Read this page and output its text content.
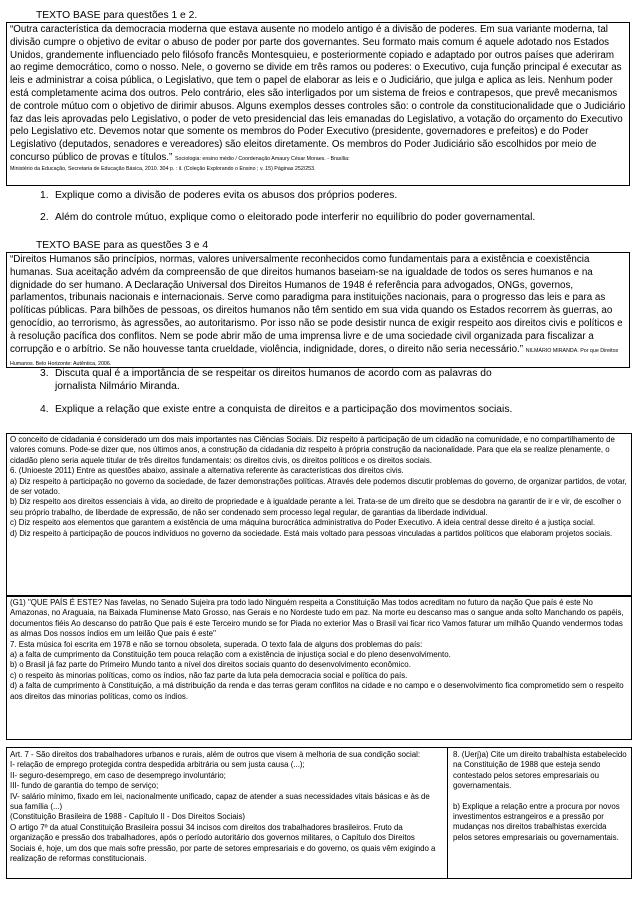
TEXTO BASE para questões 1 e 2.

“Outra característica da democracia moderna que estava ausente no modelo antigo é a divisão de poderes. Em sua variante moderna, tal divisão cumpre o objetivo de evitar o abuso de poder por parte dos governantes. Seu formato mais comum é aquele adotado nos Estados Unidos, grandemente influenciado pelo filósofo francês Montesquieu, e posteriormente copiado e adaptado por outros países que aderiram ao regime democrático, como o nosso. Nele, o governo se divide em três ramos ou poderes: o Executivo, cuja função principal é executar as leis e administrar a coisa pública, o Legislativo, que tem o papel de elaborar as leis e o Judiciário, que julga e aplica as leis. Nenhum poder está completamente acima dos outros. Pelo contrário, eles são interligados por um sistema de freios e contrapesos, que prevê mecanismos de controle mútuo com o objetivo de dirimir abusos. Alguns exemplos desses controles são: o controle da constitucionalidade que o Judiciário faz das leis aprovadas pelo Legislativo, o poder de veto presidencial das leis emanadas do Legislativo, a votação do orçamento do Executivo pelo Legislativo etc. Devemos notar que somente os membros do Poder Executivo (presidente, governadores e prefeitos) e do Poder Legislativo (deputados, senadores e vereadores) são eleitos diretamente. Os membros do Poder Judiciário são escolhidos por meio de concurso público de provas e títulos.” Sociologia: ensino médio / Coordenação Amaury César Moraes. - Brasília:

Ministério da Educação, Secretaria de Educação Básica, 2010. 304 p. : il. (Coleção Explorando o Ensino ; v. 15) Páginas 252/253.
1. Explique como a divisão de poderes evita os abusos dos próprios poderes.
2. Além do controle mútuo, explique como o eleitorado pode interferir no equilíbrio do poder governamental.
TEXTO BASE para as questões 3 e 4

“Direitos Humanos são princípios, normas, valores universalmente reconhecidos como fundamentais para a existência e coexistência humanas. Sua aceitação advém da compreensão de que direitos humanos baseiam-se na igualdade de todos os seres humanos e na dignidade do ser humano. A Declaração Universal dos Direitos Humanos de 1948 é referência para advogados, ONGs, governos, parlamentos, tribunais nacionais e internacionais. Serve como paradigma para instituições nacionais, para o progresso das leis e para as políticas públicas. Para bilhões de pessoas, os direitos humanos não têm sentido em sua vida quando os Estados recorrem às guerras, ao genocídio, ao terrorismo, às agressões, ao autoritarismo. Por isso não se pode desistir nunca de exigir respeito aos direitos civis e políticos e à resolução pacífica dos conflitos. Nem se pode abrir mão de uma imprensa livre e de uma sociedade civil organizada para fiscalizar a corrupção e o arbítrio. Se não houvesse tanta crueldade, violência, indignidade, dores, o direito não seria necessário.” NILMÁRIO MIRANDA. Por que Direitos Humanos. Belo Horizonte: Autêntica, 2006.

3. Discuta qual é a importância de se respeitar os direitos humanos de acordo com as palavras do jornalista Nilmário Miranda.
4. Explique a relação que existe entre a conquista de direitos e a participação dos movimentos sociais.

O conceito de cidadania é considerado um dos mais importantes nas Ciências Sociais. Diz respeito à participação de um cidadão na comunidade, e no compartilhamento de valores comuns. Pode-se dizer que, nos últimos anos, a construção da cidadania diz respeito à própria construção da nacionalidade. Para que ela se realize plenamente, o cidadão pleno seria aquele titular de três direitos fundamentais: os direitos civis, os direitos políticos e os direitos sociais.

6. (Unioeste 2011) Entre as questões abaixo, assinale a alternativa referente às características dos direitos civis.

a) Diz respeito à participação no governo da sociedade, de fazer demonstrações políticas. Através dele podemos discutir problemas do governo, de organizar partidos, de votar, de ser votado.

b) Diz respeito aos direitos essenciais à vida, ao direito de propriedade e à igualdade perante a lei. Trata-se de um direito que se desdobra na garantir de ir e vir, de escolher o seu próprio trabalho, de liberdade de expressão, de não ser condenado sem processo legal regular, de garantias da liberdade individual.

c) Diz respeito aos elementos que garantem a existência de uma máquina burocrática administrativa do Poder Executivo. A ideia central desse direito é a justiça social.

d) Diz respeito à participação de poucos indivíduos no governo da sociedade. Está mais voltado para pessoas vinculadas a partidos políticos que elaboram projetos sociais.

(G1) "QUE PAÍS É ESTE? Nas favelas, no Senado Sujeira pra todo lado Ninguém respeita a Constituição Mas todos acreditam no futuro da nação Que país é este No Amazonas, no Araguaia, na Baixada Fluminense Mato Grosso, nas Gerais e no Nordeste tudo em paz. Na morte eu descanso mas o sangue anda solto Manchando os papéis, documentos fiéis Ao descanso do patrão Que país é este Terceiro mundo se for Piada no exterior Mas o Brasil vai ficar rico Vamos faturar um milhão Quando vendermos todas as almas Dos nossos índios em um leilão Que país é este"

7. Esta música foi escrita em 1978 e não se tornou obsoleta, superada. O texto fala de alguns dos problemas do país:

a) a falta de cumprimento da Constituição tem pouca relação com a existência de injustiça social e do pleno desenvolvimento.

b) o Brasil já faz parte do Primeiro Mundo tanto a nível dos direitos sociais quanto do desenvolvimento econômico.

c) o respeito às minorias políticas, como os índios, não faz parte da luta pela democracia social e política do país.

d) a falta de cumprimento à Constituição, a má distribuição da renda e das terras geram conflitos na cidade e no campo e o desenvolvimento fica comprometido sem o respeito aos direitos das minorias políticas, como os índios.

Art. 7 - São direitos dos trabalhadores urbanos e rurais, além de outros que visem à melhoria de sua condição social:

I- relação de emprego protegida contra despedida arbitrária ou sem justa causa (...);

II- seguro-desemprego, em caso de desemprego involuntário;

III- fundo de garantia do tempo de serviço;

IV- salário mínimo, fixado em lei, nacionalmente unificado, capaz de atender a suas necessidades vitais básicas e às de sua família (...)

(Constituição Brasileira de 1988 - Capítulo II - Dos Direitos Sociais)

O artigo 7º da atual Constituição Brasileira possui 34 incisos com direitos dos trabalhadores brasileiros. Fruto da organização e pressão dos trabalhadores, após o período autoritário dos governos militares, o Capítulo dos Direitos Sociais é, hoje, um dos que mais sofre pressão, por parte de setores empresariais e do governo, os quais vêm exigindo a realização de reformas constitucionais.

8. (Uerj)a) Cite um direito trabalhista estabelecido na Constituição de 1988 que esteja sendo contestado pelos setores empresariais ou governamentais.

b) Explique a relação entre a procura por novos investimentos estrangeiros e a pressão por mudanças nos direitos trabalhistas exercida pelos setores empresariais ou governamentais.
